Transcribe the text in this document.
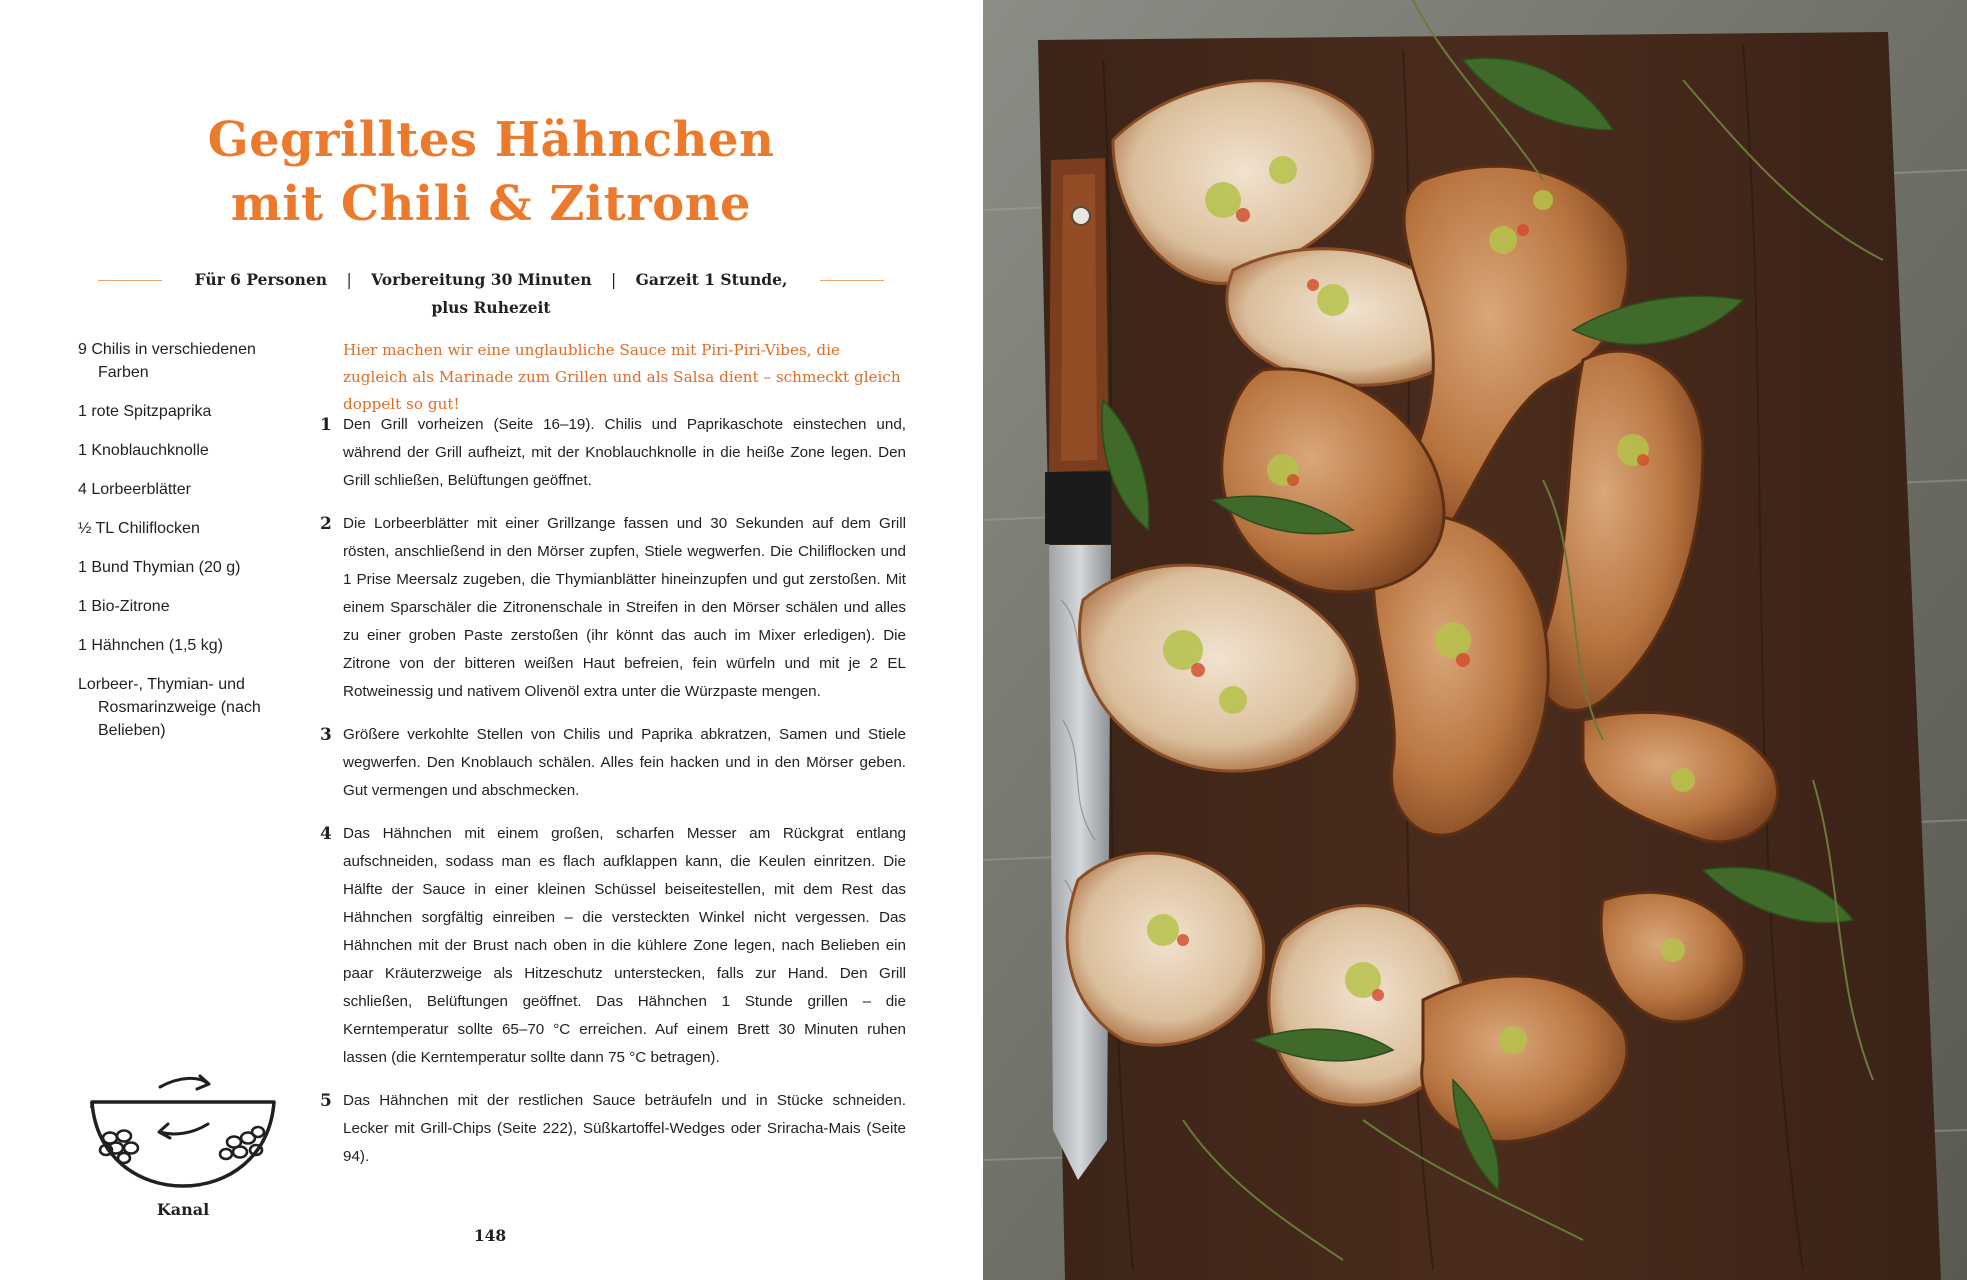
Gegrilltes Hähnchen
mit Chili & Zitrone
Für 6 Personen | Vorbereitung 30 Minuten | Garzeit 1 Stunde, plus Ruhezeit
9 Chilis in verschiedenen Farben
1 rote Spitzpaprika
1 Knoblauchknolle
4 Lorbeerblätter
½ TL Chiliflocken
1 Bund Thymian (20 g)
1 Bio-Zitrone
1 Hähnchen (1,5 kg)
Lorbeer-, Thymian- und Rosmarinzweige (nach Belieben)

Hier machen wir eine unglaubliche Sauce mit Piri-Piri-Vibes, die zugleich als Marinade zum Grillen und als Salsa dient – schmeckt gleich doppelt so gut!

1 Den Grill vorheizen (Seite 16–19). Chilis und Paprikaschote einstechen und, während der Grill aufheizt, mit der Knoblauchknolle in die heiße Zone legen. Den Grill schließen, Belüftungen geöffnet.
2 Die Lorbeerblätter mit einer Grillzange fassen und 30 Sekunden auf dem Grill rösten, anschließend in den Mörser zupfen, Stiele wegwerfen. Die Chiliflocken und 1 Prise Meersalz zugeben, die Thymianblätter hineinzupfen und gut zerstoßen. Mit einem Sparschäler die Zitronenschale in Streifen in den Mörser schälen und alles zu einer groben Paste zerstoßen (ihr könnt das auch im Mixer erledigen). Die Zitrone von der bitteren weißen Haut befreien, fein würfeln und mit je 2 EL Rotweinessig und nativem Olivenöl extra unter die Würzpaste mengen.
3 Größere verkohlte Stellen von Chilis und Paprika abkratzen, Samen und Stiele wegwerfen. Den Knoblauch schälen. Alles fein hacken und in den Mörser geben. Gut vermengen und abschmecken.
4 Das Hähnchen mit einem großen, scharfen Messer am Rückgrat entlang aufschneiden, sodass man es flach aufklappen kann, die Keulen einritzen. Die Hälfte der Sauce in einer kleinen Schüssel beiseitestellen, mit dem Rest das Hähnchen sorgfältig einreiben – die versteckten Winkel nicht vergessen. Das Hähnchen mit der Brust nach oben in die kühlere Zone legen, nach Belieben ein paar Kräuterzweige als Hitzeschutz unterstecken, falls zur Hand. Den Grill schließen, Belüftungen geöffnet. Das Hähnchen 1 Stunde grillen – die Kerntemperatur sollte 65–70 °C erreichen. Auf einem Brett 30 Minuten ruhen lassen (die Kerntemperatur sollte dann 75 °C betragen).
5 Das Hähnchen mit der restlichen Sauce beträufeln und in Stücke schneiden. Lecker mit Grill-Chips (Seite 222), Süßkartoffel-Wedges oder Sriracha-Mais (Seite 94).
Kanal
148
